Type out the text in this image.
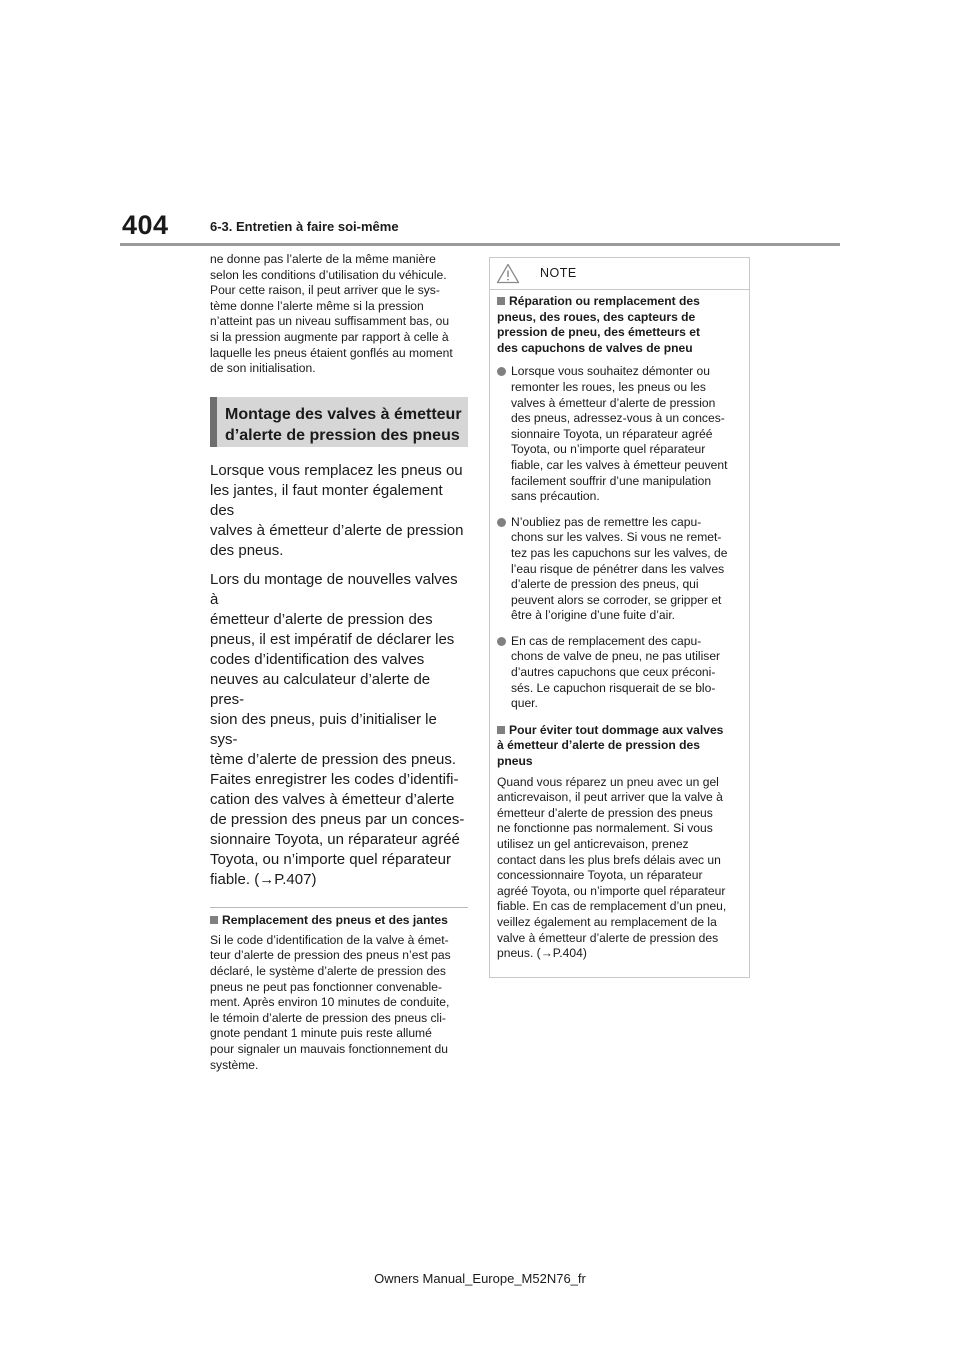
404	6-3. Entretien à faire soi-même

ne donne pas l’alerte de la même manière
selon les conditions d’utilisation du véhicule.
Pour cette raison, il peut arriver que le sys-
tème donne l’alerte même si la pression
n’atteint pas un niveau suffisamment bas, ou
si la pression augmente par rapport à celle à
laquelle les pneus étaient gonflés au moment
de son initialisation.

Montage des valves à émetteur
d’alerte de pression des pneus

Lorsque vous remplacez les pneus ou
les jantes, il faut monter également des
valves à émetteur d’alerte de pression
des pneus.

Lors du montage de nouvelles valves à
émetteur d’alerte de pression des
pneus, il est impératif de déclarer les
codes d’identification des valves
neuves au calculateur d’alerte de pres-
sion des pneus, puis d’initialiser le sys-
tème d’alerte de pression des pneus.
Faites enregistrer les codes d’identifi-
cation des valves à émetteur d’alerte
de pression des pneus par un conces-
sionnaire Toyota, un réparateur agréé
Toyota, ou n’importe quel réparateur
fiable. (→P.407)

Remplacement des pneus et des jantes

Si le code d’identification de la valve à émet-
teur d’alerte de pression des pneus n’est pas
déclaré, le système d’alerte de pression des
pneus ne peut pas fonctionner convenable-
ment. Après environ 10 minutes de conduite,
le témoin d’alerte de pression des pneus cli-
gnote pendant 1 minute puis reste allumé
pour signaler un mauvais fonctionnement du
système.

NOTE

Réparation ou remplacement des
pneus, des roues, des capteurs de
pression de pneu, des émetteurs et
des capuchons de valves de pneu

Lorsque vous souhaitez démonter ou
remonter les roues, les pneus ou les
valves à émetteur d’alerte de pression
des pneus, adressez-vous à un conces-
sionnaire Toyota, un réparateur agréé
Toyota, ou n’importe quel réparateur
fiable, car les valves à émetteur peuvent
facilement souffrir d’une manipulation
sans précaution.

N’oubliez pas de remettre les capu-
chons sur les valves. Si vous ne remet-
tez pas les capuchons sur les valves, de
l’eau risque de pénétrer dans les valves
d’alerte de pression des pneus, qui
peuvent alors se corroder, se gripper et
être à l’origine d’une fuite d’air.

En cas de remplacement des capu-
chons de valve de pneu, ne pas utiliser
d’autres capuchons que ceux préconi-
sés. Le capuchon risquerait de se blo-
quer.

Pour éviter tout dommage aux valves
à émetteur d’alerte de pression des
pneus

Quand vous réparez un pneu avec un gel
anticrevaison, il peut arriver que la valve à
émetteur d’alerte de pression des pneus
ne fonctionne pas normalement. Si vous
utilisez un gel anticrevaison, prenez
contact dans les plus brefs délais avec un
concessionnaire Toyota, un réparateur
agréé Toyota, ou n’importe quel réparateur
fiable. En cas de remplacement d’un pneu,
veillez également au remplacement de la
valve à émetteur d’alerte de pression des
pneus. (→P.404)

Owners Manual_Europe_M52N76_fr
